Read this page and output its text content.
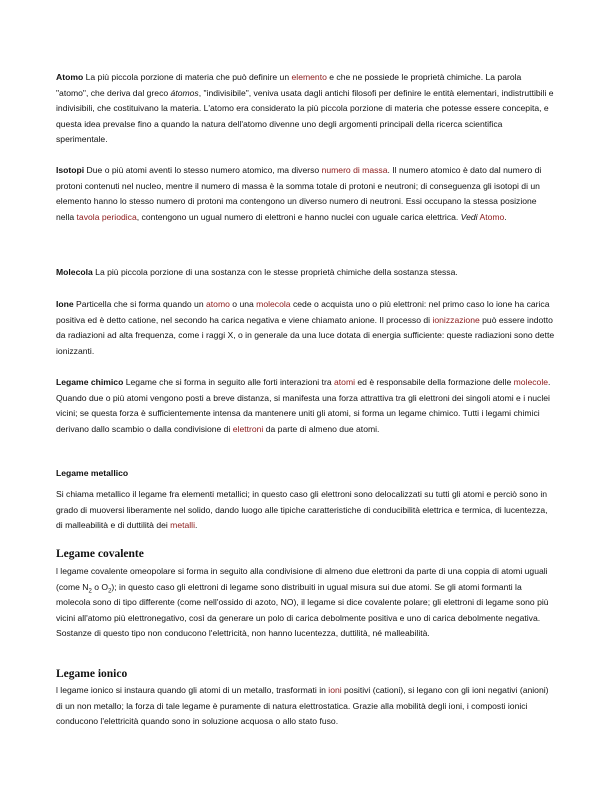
Atomo La più piccola porzione di materia che può definire un elemento e che ne possiede le proprietà chimiche. La parola "atomo", che deriva dal greco átomos, "indivisibile", veniva usata dagli antichi filosofi per definire le entità elementari, indistruttibili e indivisibili, che costituivano la materia. L'atomo era considerato la più piccola porzione di materia che potesse essere concepita, e questa idea prevalse fino a quando la natura dell'atomo divenne uno degli argomenti principali della ricerca scientifica sperimentale.

Isotopi Due o più atomi aventi lo stesso numero atomico, ma diverso numero di massa. Il numero atomico è dato dal numero di protoni contenuti nel nucleo, mentre il numero di massa è la somma totale di protoni e neutroni; di conseguenza gli isotopi di un elemento hanno lo stesso numero di protoni ma contengono un diverso numero di neutroni. Essi occupano la stessa posizione nella tavola periodica, contengono un ugual numero di elettroni e hanno nuclei con uguale carica elettrica. Vedi Atomo.

Molecola La più piccola porzione di una sostanza con le stesse proprietà chimiche della sostanza stessa.

Ione Particella che si forma quando un atomo o una molecola cede o acquista uno o più elettroni: nel primo caso lo ione ha carica positiva ed è detto catione, nel secondo ha carica negativa e viene chiamato anione. Il processo di ionizzazione può essere indotto da radiazioni ad alta frequenza, come i raggi X, o in generale da una luce dotata di energia sufficiente: queste radiazioni sono dette ionizzanti.

Legame chimico Legame che si forma in seguito alle forti interazioni tra atomi ed è responsabile della formazione delle molecole. Quando due o più atomi vengono posti a breve distanza, si manifesta una forza attrattiva tra gli elettroni dei singoli atomi e i nuclei vicini; se questa forza è sufficientemente intensa da mantenere uniti gli atomi, si forma un legame chimico. Tutti i legami chimici derivano dallo scambio o dalla condivisione di elettroni da parte di almeno due atomi.

Legame metallico

Si chiama metallico il legame fra elementi metallici; in questo caso gli elettroni sono delocalizzati su tutti gli atomi e perciò sono in grado di muoversi liberamente nel solido, dando luogo alle tipiche caratteristiche di conducibilità elettrica e termica, di lucentezza, di malleabilità e di duttilità dei metalli.

Legame covalente

l legame covalente omeopolare si forma in seguito alla condivisione di almeno due elettroni da parte di una coppia di atomi uguali (come $N_2$ o $O_2$); in questo caso gli elettroni di legame sono distribuiti in ugual misura sui due atomi. Se gli atomi formanti la molecola sono di tipo differente (come nell'ossido di azoto, NO), il legame si dice covalente polare; gli elettroni di legame sono più vicini all'atomo più elettronegativo, così da generare un polo di carica debolmente positiva e uno di carica debolmente negativa. Sostanze di questo tipo non conducono l'elettricità, non hanno lucentezza, duttilità, né malleabilità.

Legame ionico

l legame ionico si instaura quando gli atomi di un metallo, trasformati in ioni positivi (cationi), si legano con gli ioni negativi (anioni) di un non metallo; la forza di tale legame è puramente di natura elettrostatica. Grazie alla mobilità degli ioni, i composti ionici conducono l'elettricità quando sono in soluzione acquosa o allo stato fuso.
